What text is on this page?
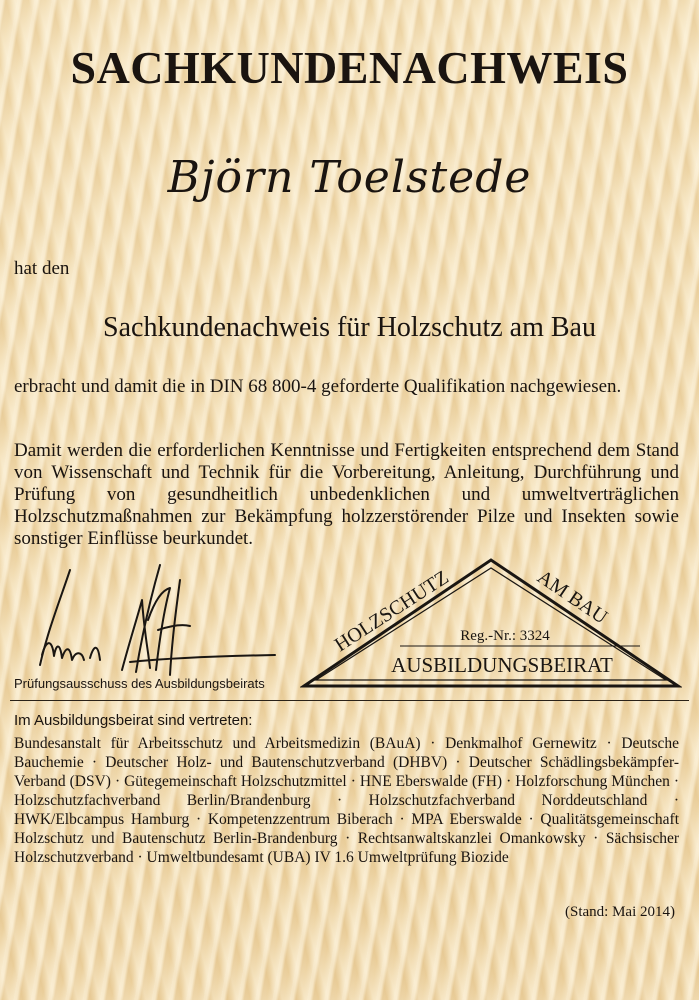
SACHKUNDENACHWEIS
Björn Toelstede
hat den
Sachkundenachweis für Holzschutz am Bau
erbracht und damit die in DIN 68 800-4 geforderte Qualifikation nachgewiesen.
Damit werden die erforderlichen Kenntnisse und Fertigkeiten entsprechend dem Stand von Wissenschaft und Technik für die Vorbereitung, Anleitung, Durchführung und Prüfung von gesundheitlich unbedenklichen und umweltverträglichen Holzschutzmaßnahmen zur Bekämpfung holzzerstörender Pilze und Insekten sowie sonstiger Einflüsse beurkundet.
Prüfungsausschuss des Ausbildungsbeirats
HOLZSCHUTZ	AM BAU
Reg.-Nr.: 3324
AUSBILDUNGSBEIRAT
Im Ausbildungsbeirat sind vertreten:
Bundesanstalt für Arbeitsschutz und Arbeitsmedizin (BAuA) · Denkmalhof Gernewitz · Deutsche Bauchemie · Deutscher Holz- und Bautenschutzverband (DHBV) · Deutscher Schädlingsbekämpfer-Verband (DSV) · Gütegemeinschaft Holzschutzmittel · HNE Eberswalde (FH) · Holzforschung München · Holzschutzfachverband Berlin/Brandenburg · Holzschutzfachverband Norddeutschland · HWK/Elbcampus Hamburg · Kompetenzzentrum Biberach · MPA Eberswalde · Qualitätsgemeinschaft Holzschutz und Bautenschutz Berlin-Brandenburg · Rechtsanwaltskanzlei Omankowsky · Sächsischer Holzschutzverband · Umweltbundesamt (UBA) IV 1.6 Umweltprüfung Biozide
(Stand: Mai 2014)
